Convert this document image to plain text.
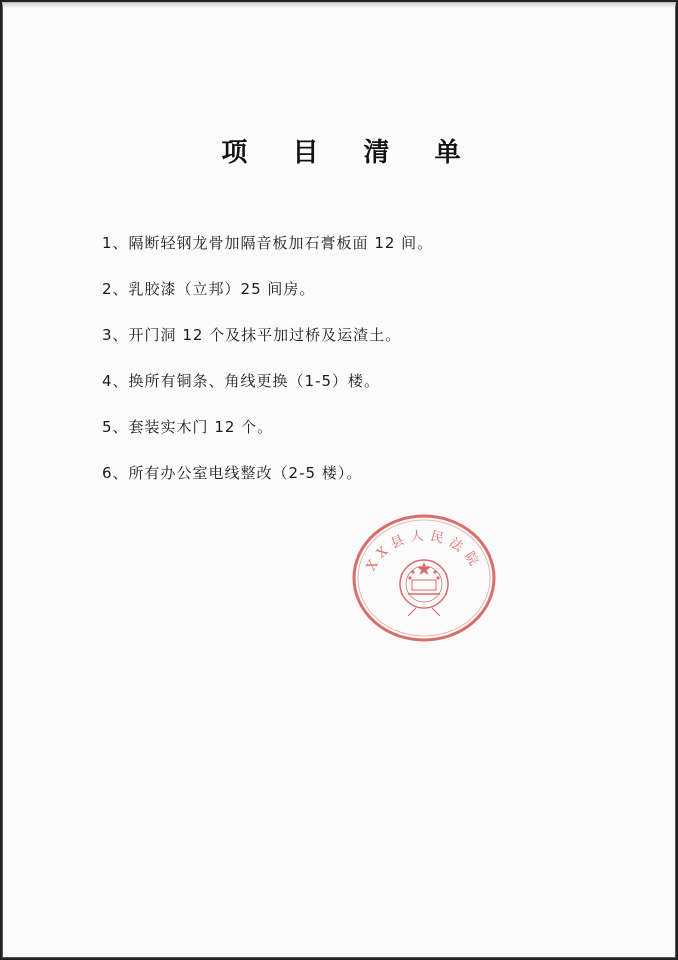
项 目 清 单
1、隔断轻钢龙骨加隔音板加石膏板面 12 间。
2、乳胶漆（立邦）25 间房。
3、开门洞 12 个及抹平加过桥及运渣土。
4、换所有铜条、角线更换（1-5）楼。
5、套装实木门 12 个。
6、所有办公室电线整改（2-5 楼）。
XX县人民法院
